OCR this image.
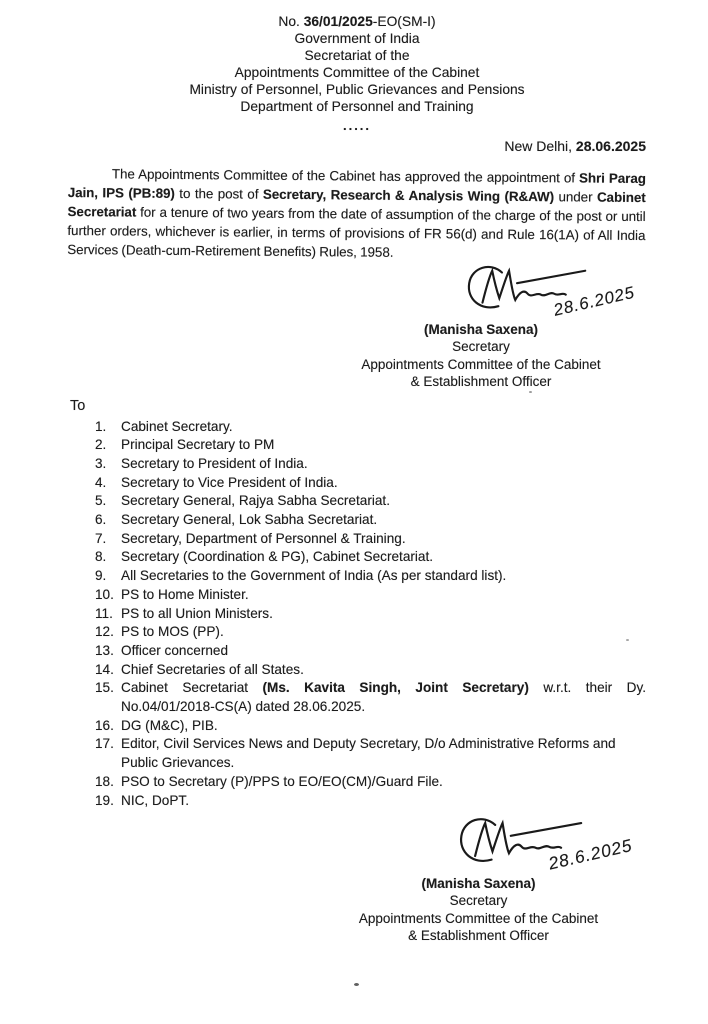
No. 36/01/2025-EO(SM-I)
Government of India
Secretariat of the
Appointments Committee of the Cabinet
Ministry of Personnel, Public Grievances and Pensions
Department of Personnel and Training
.....
New Delhi, 28.06.2025

The Appointments Committee of the Cabinet has approved the appointment of Shri Parag Jain, IPS (PB:89) to the post of Secretary, Research & Analysis Wing (R&AW) under Cabinet Secretariat for a tenure of two years from the date of assumption of the charge of the post or until further orders, whichever is earlier, in terms of provisions of FR 56(d) and Rule 16(1A) of All India Services (Death-cum-Retirement Benefits) Rules, 1958.

28.6.2025
(Manisha Saxena)
Secretary
Appointments Committee of the Cabinet
& Establishment Officer
To
1.	Cabinet Secretary.
2.	Principal Secretary to PM
3.	Secretary to President of India.
4.	Secretary to Vice President of India.
5.	Secretary General, Rajya Sabha Secretariat.
6.	Secretary General, Lok Sabha Secretariat.
7.	Secretary, Department of Personnel & Training.
8.	Secretary (Coordination & PG), Cabinet Secretariat.
9.	All Secretaries to the Government of India (As per standard list).
10. PS to Home Minister.
11. PS to all Union Ministers.
12. PS to MOS (PP).
13. Officer concerned
14. Chief Secretaries of all States.
15. Cabinet Secretariat (Ms. Kavita Singh, Joint Secretary) w.r.t. their Dy. No.04/01/2018-CS(A) dated 28.06.2025.
16. DG (M&C), PIB.
17. Editor, Civil Services News and Deputy Secretary, D/o Administrative Reforms and Public Grievances.
18. PSO to Secretary (P)/PPS to EO/EO(CM)/Guard File.
19. NIC, DoPT.
28.6.2025
(Manisha Saxena)
Secretary
Appointments Committee of the Cabinet
& Establishment Officer
